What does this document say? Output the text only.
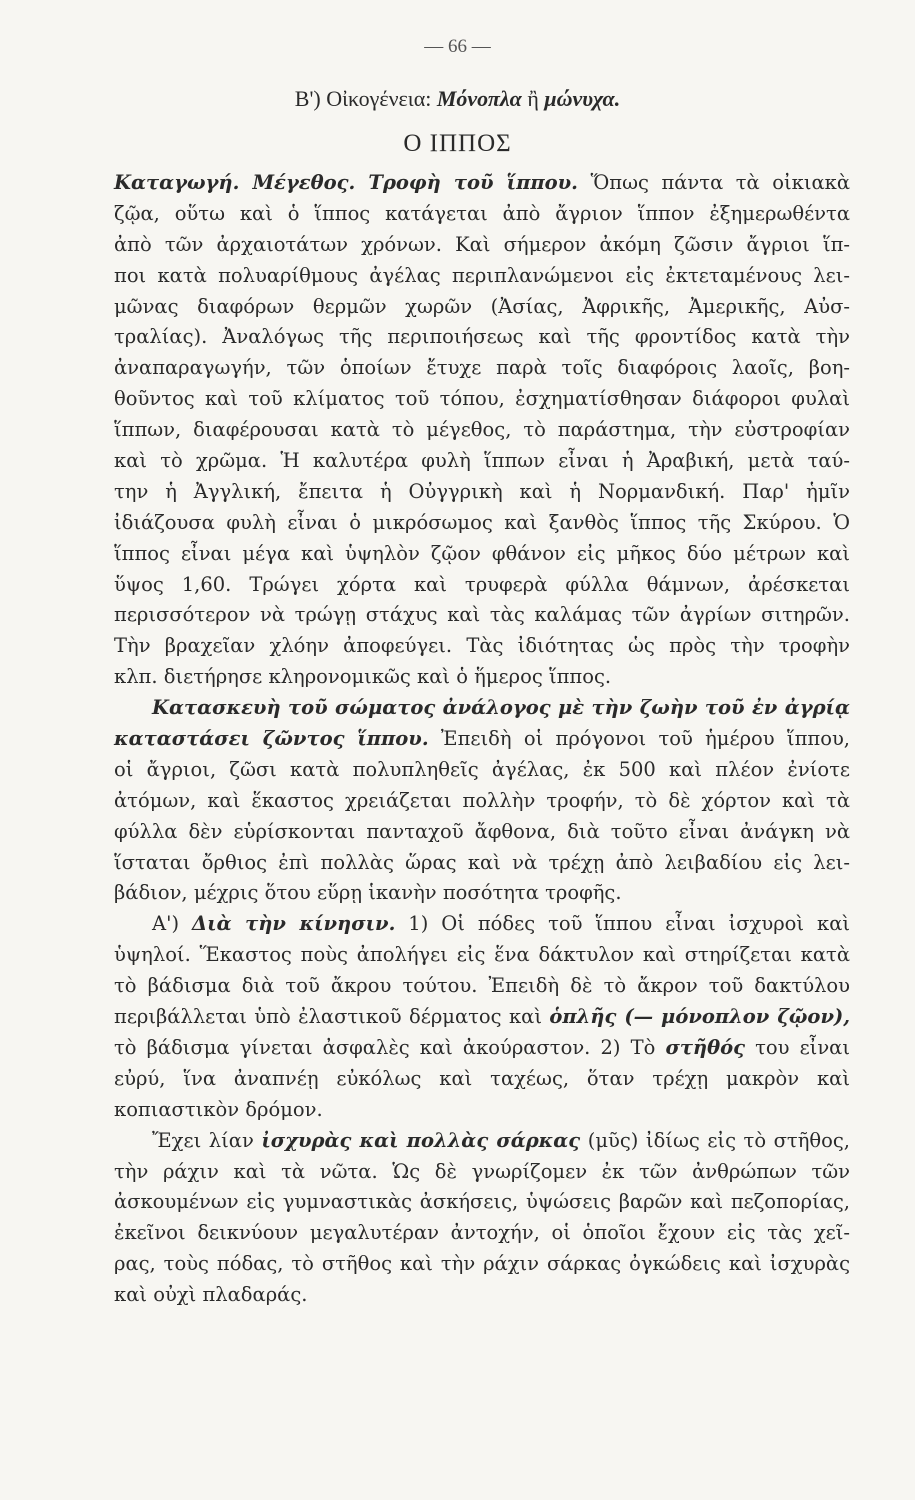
— 66 —
Β') Οἰκογένεια: Μόνοπλα ἢ μώνυχα.
Ο ΙΠΠΟΣ
Καταγωγή. Μέγεθος. Τροφὴ τοῦ ἵππου. Ὅπως πάντα τὰ οἰκιακὰ
ζῷα, οὕτω καὶ ὁ ἵππος κατάγεται ἀπὸ ἄγριον ἵππον ἐξημερωθέντα
ἀπὸ τῶν ἀρχαιοτάτων χρόνων. Καὶ σήμερον ἀκόμη ζῶσιν ἄγριοι ἵπ-
ποι κατὰ πολυαρίθμους ἀγέλας περιπλανώμενοι εἰς ἐκτεταμένους λει-
μῶνας διαφόρων θερμῶν χωρῶν (Ἀσίας, Ἀφρικῆς, Ἀμερικῆς, Αὐσ-
τραλίας). Ἀναλόγως τῆς περιποιήσεως καὶ τῆς φροντίδος κατὰ τὴν
ἀναπαραγωγήν, τῶν ὁποίων ἔτυχε παρὰ τοῖς διαφόροις λαοῖς, βοη-
θοῦντος καὶ τοῦ κλίματος τοῦ τόπου, ἐσχηματίσθησαν διάφοροι φυλαὶ
ἵππων, διαφέρουσαι κατὰ τὸ μέγεθος, τὸ παράστημα, τὴν εὐστροφίαν
καὶ τὸ χρῶμα. Ἡ καλυτέρα φυλὴ ἵππων εἶναι ἡ Ἀραβική, μετὰ ταύ-
την ἡ Ἀγγλική, ἔπειτα ἡ Οὐγγρικὴ καὶ ἡ Νορμανδική. Παρ' ἡμῖν
ἰδιάζουσα φυλὴ εἶναι ὁ μικρόσωμος καὶ ξανθὸς ἵππος τῆς Σκύρου. Ὁ
ἵππος εἶναι μέγα καὶ ὑψηλὸν ζῷον φθάνον εἰς μῆκος δύο μέτρων καὶ
ὕψος 1,60. Τρώγει χόρτα καὶ τρυφερὰ φύλλα θάμνων, ἀρέσκεται
περισσότερον νὰ τρώγῃ στάχυς καὶ τὰς καλάμας τῶν ἀγρίων σιτηρῶν.
Τὴν βραχεῖαν χλόην ἀποφεύγει. Τὰς ἰδιότητας ὡς πρὸς τὴν τροφὴν
κλπ. διετήρησε κληρονομικῶς καὶ ὁ ἥμερος ἵππος.
Κατασκευὴ τοῦ σώματος ἀνάλογος μὲ τὴν ζωὴν τοῦ ἐν ἀγρίᾳ
καταστάσει ζῶντος ἵππου. Ἐπειδὴ οἱ πρόγονοι τοῦ ἡμέρου ἵππου,
οἱ ἄγριοι, ζῶσι κατὰ πολυπληθεῖς ἀγέλας, ἐκ 500 καὶ πλέον ἐνίοτε
ἀτόμων, καὶ ἕκαστος χρειάζεται πολλὴν τροφήν, τὸ δὲ χόρτον καὶ τὰ
φύλλα δὲν εὑρίσκονται πανταχοῦ ἄφθονα, διὰ τοῦτο εἶναι ἀνάγκη νὰ
ἵσταται ὄρθιος ἐπὶ πολλὰς ὥρας καὶ νὰ τρέχῃ ἀπὸ λειβαδίου εἰς λει-
βάδιον, μέχρις ὅτου εὕρῃ ἱκανὴν ποσότητα τροφῆς.
Α') Διὰ τὴν κίνησιν. 1) Οἱ πόδες τοῦ ἵππου εἶναι ἰσχυροὶ καὶ
ὑψηλοί. Ἕκαστος ποὺς ἀπολήγει εἰς ἕνα δάκτυλον καὶ στηρίζεται κατὰ
τὸ βάδισμα διὰ τοῦ ἄκρου τούτου. Ἐπειδὴ δὲ τὸ ἄκρον τοῦ δακτύλου
περιβάλλεται ὑπὸ ἐλαστικοῦ δέρματος καὶ ὁπλῆς (— μόνοπλον ζῷον),
τὸ βάδισμα γίνεται ἀσφαλὲς καὶ ἀκούραστον. 2) Τὸ στῆθός του εἶναι
εὐρύ, ἵνα ἀναπνέῃ εὐκόλως καὶ ταχέως, ὅταν τρέχῃ μακρὸν καὶ
κοπιαστικὸν δρόμον.
Ἔχει λίαν ἰσχυρὰς καὶ πολλὰς σάρκας (μῦς) ἰδίως εἰς τὸ στῆθος,
τὴν ράχιν καὶ τὰ νῶτα. Ὡς δὲ γνωρίζομεν ἐκ τῶν ἀνθρώπων τῶν
ἀσκουμένων εἰς γυμναστικὰς ἀσκήσεις, ὑψώσεις βαρῶν καὶ πεζοπορίας,
ἐκεῖνοι δεικνύουν μεγαλυτέραν ἀντοχήν, οἱ ὁποῖοι ἔχουν εἰς τὰς χεῖ-
ρας, τοὺς πόδας, τὸ στῆθος καὶ τὴν ράχιν σάρκας ὀγκώδεις καὶ ἰσχυρὰς
καὶ οὐχὶ πλαδαράς.
